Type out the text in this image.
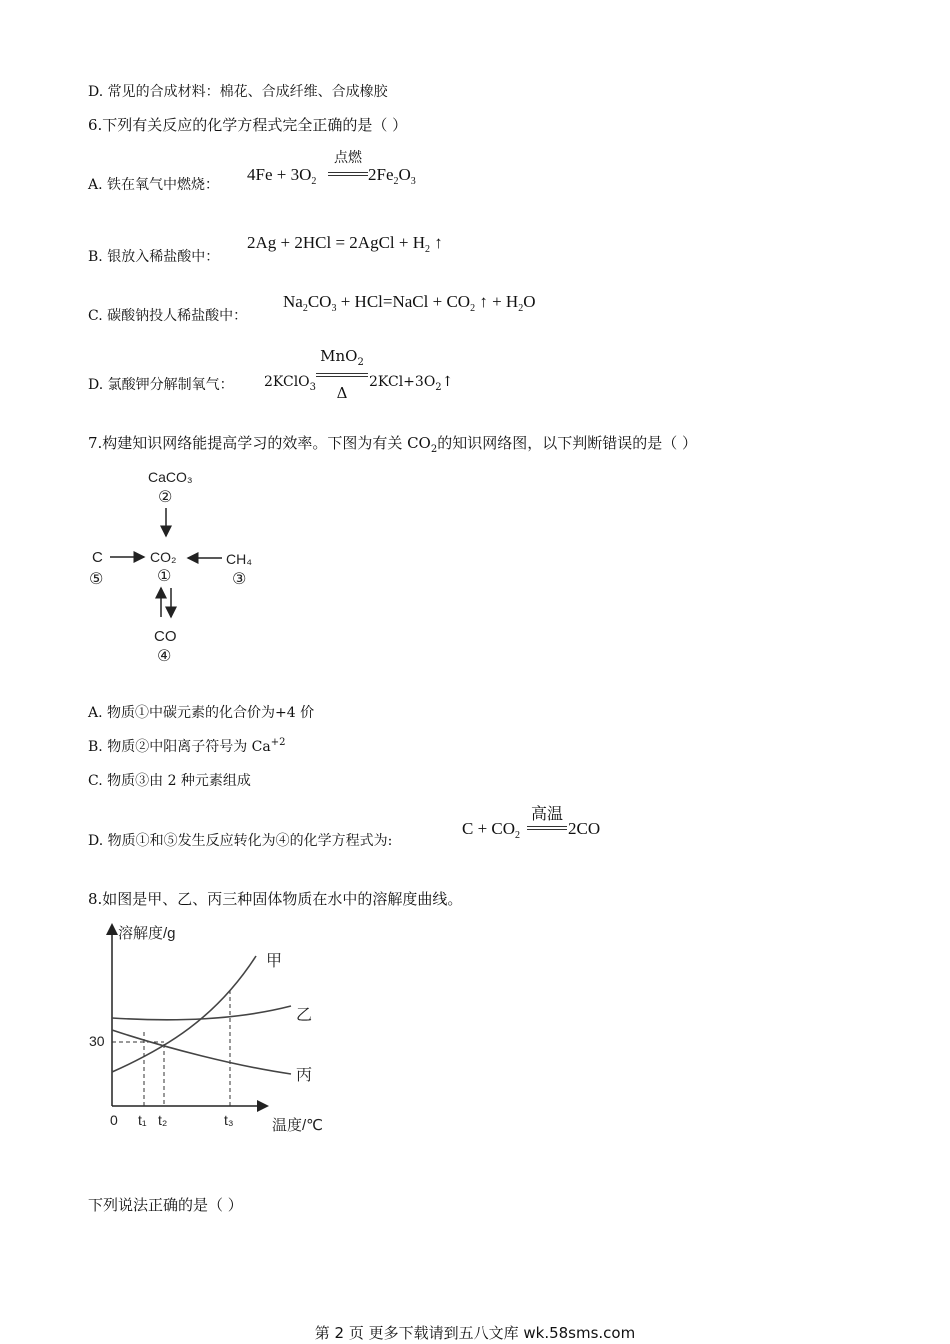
D. 常见的合成材料：棉花、合成纤维、合成橡胶
6.下列有关反应的化学方程式完全正确的是（ ）
A. 铁在氧气中燃烧：
$4Fe + 3O_2$
点燃
$2Fe_2O_3$
B. 银放入稀盐酸中：
2Ag + 2HCl = 2AgCl + $H_2$ ↑
C. 碳酸钠投人稀盐酸中：
$Na_2CO_3$ + HCl=NaCl + $CO_2$ ↑ + $H_2O$
D. 氯酸钾分解制氧气： 2KClO$_3$
MnO$_2$
Δ
$2KCl+3O_2↑$
7.构建知识网络能提高学习的效率。下图为有关 $CO_2$的知识网络图，以下判断错误的是（ ）
CaCO₃
②
CO₂
①
C
⑤
CH₄
③
CO
④
A. 物质①中碳元素的化合价为+4 价
B. 物质②中阳离子符号为 $Ca^{+2}$
C. 物质③由 2 种元素组成
D. 物质①和⑤发生反应转化为④的化学方程式为:
$C + CO_2$
高温
2CO
8.如图是甲、乙、丙三种固体物质在水中的溶解度曲线。
溶解度/g
温度/℃
0
30
t₁ t₂	t₃
甲
乙
丙
下列说法正确的是（ ）
第 2 页 更多下载请到五八文库 wk.58sms.com
